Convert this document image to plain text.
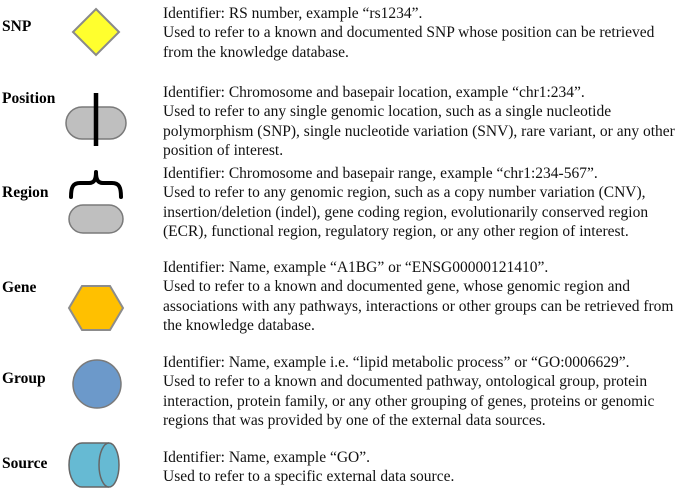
SNP
Identifier: RS number, example “rs1234”.
Used to refer to a known and documented SNP whose position can be retrieved from the knowledge database.
Position	Identifier: Chromosome and basepair location, example “chr1:234”.
Used to refer to any single genomic location, such as a single nucleotide polymorphism (SNP), single nucleotide variation (SNV), rare variant, or any other position of interest.
Region
Identifier: Chromosome and basepair range, example “chr1:234-567”.
Used to refer to any genomic region, such as a copy number variation (CNV), insertion/deletion (indel), gene coding region, evolutionarily conserved region (ECR), functional region, regulatory region, or any other region of interest.
Gene
Identifier: Name, example “A1BG” or “ENSG00000121410”.
Used to refer to a known and documented gene, whose genomic region and associations with any pathways, interactions or other groups can be retrieved from the knowledge database.
Group
Identifier: Name, example i.e. “lipid metabolic process” or “GO:0006629”.
Used to refer to a known and documented pathway, ontological group, protein interaction, protein family, or any other grouping of genes, proteins or genomic regions that was provided by one of the external data sources.
Source	Identifier: Name, example “GO”.
Used to refer to a specific external data source.
